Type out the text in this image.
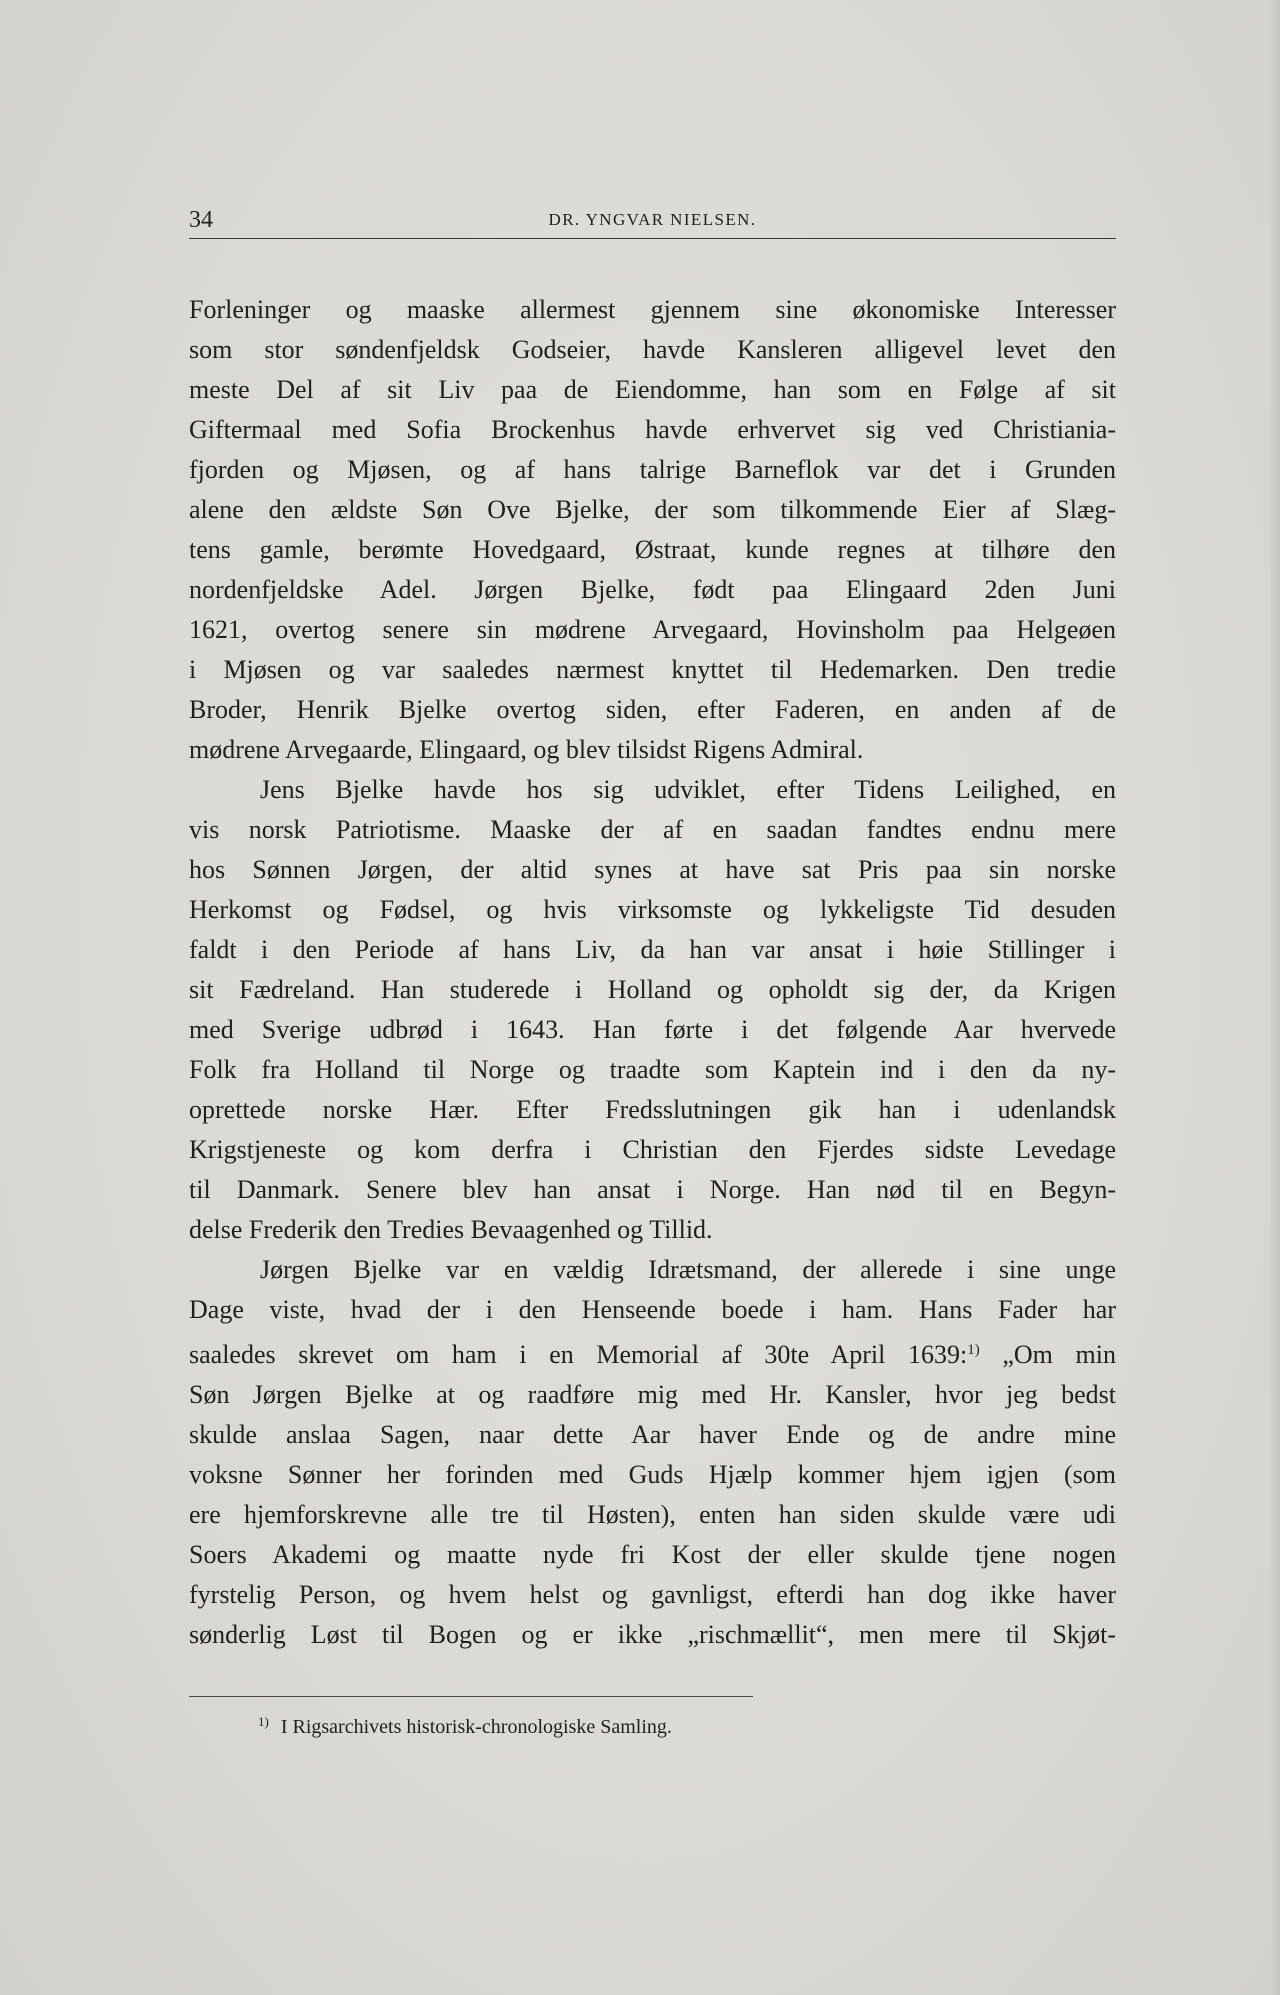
34	DR. YNGVAR NIELSEN.

Forleninger og maaske allermest gjennem sine økonomiske Interesser

som stor søndenfjeldsk Godseier, havde Kansleren alligevel levet den

meste Del af sit Liv paa de Eiendomme, han som en Følge af sit

Giftermaal med Sofia Brockenhus havde erhvervet sig ved Christiania-

fjorden og Mjøsen, og af hans talrige Barneflok var det i Grunden

alene den ældste Søn Ove Bjelke, der som tilkommende Eier af Slæg-

tens gamle, berømte Hovedgaard, Østraat, kunde regnes at tilhøre den

nordenfjeldske Adel. Jørgen Bjelke, født paa Elingaard 2den Juni

1621, overtog senere sin mødrene Arvegaard, Hovinsholm paa Helgeøen

i Mjøsen og var saaledes nærmest knyttet til Hedemarken. Den tredie

Broder, Henrik Bjelke overtog siden, efter Faderen, en anden af de

mødrene Arvegaarde, Elingaard, og blev tilsidst Rigens Admiral.

Jens Bjelke havde hos sig udviklet, efter Tidens Leilighed, en

vis norsk Patriotisme. Maaske der af en saadan fandtes endnu mere

hos Sønnen Jørgen, der altid synes at have sat Pris paa sin norske

Herkomst og Fødsel, og hvis virksomste og lykkeligste Tid desuden

faldt i den Periode af hans Liv, da han var ansat i høie Stillinger i

sit Fædreland. Han studerede i Holland og opholdt sig der, da Krigen

med Sverige udbrød i 1643. Han førte i det følgende Aar hvervede

Folk fra Holland til Norge og traadte som Kaptein ind i den da ny-

oprettede norske Hær. Efter Fredsslutningen gik han i udenlandsk

Krigstjeneste og kom derfra i Christian den Fjerdes sidste Levedage

til Danmark. Senere blev han ansat i Norge. Han nød til en Begyn-

delse Frederik den Tredies Bevaagenhed og Tillid.

Jørgen Bjelke var en vældig Idrætsmand, der allerede i sine unge

Dage viste, hvad der i den Henseende boede i ham. Hans Fader har

saaledes skrevet om ham i en Memorial af 30te April 1639:$^{1)}$ „Om min

Søn Jørgen Bjelke at og raadføre mig med Hr. Kansler, hvor jeg bedst

skulde anslaa Sagen, naar dette Aar haver Ende og de andre mine

voksne Sønner her forinden med Guds Hjælp kommer hjem igjen (som

ere hjemforskrevne alle tre til Høsten), enten han siden skulde være udi

Soers Akademi og maatte nyde fri Kost der eller skulde tjene nogen

fyrstelig Person, og hvem helst og gavnligst, efterdi han dog ikke haver

sønderlig Løst til Bogen og er ikke „rischmællit“, men mere til Skjøt-

$^{1)}$ I Rigsarchivets historisk-chronologiske Samling.
